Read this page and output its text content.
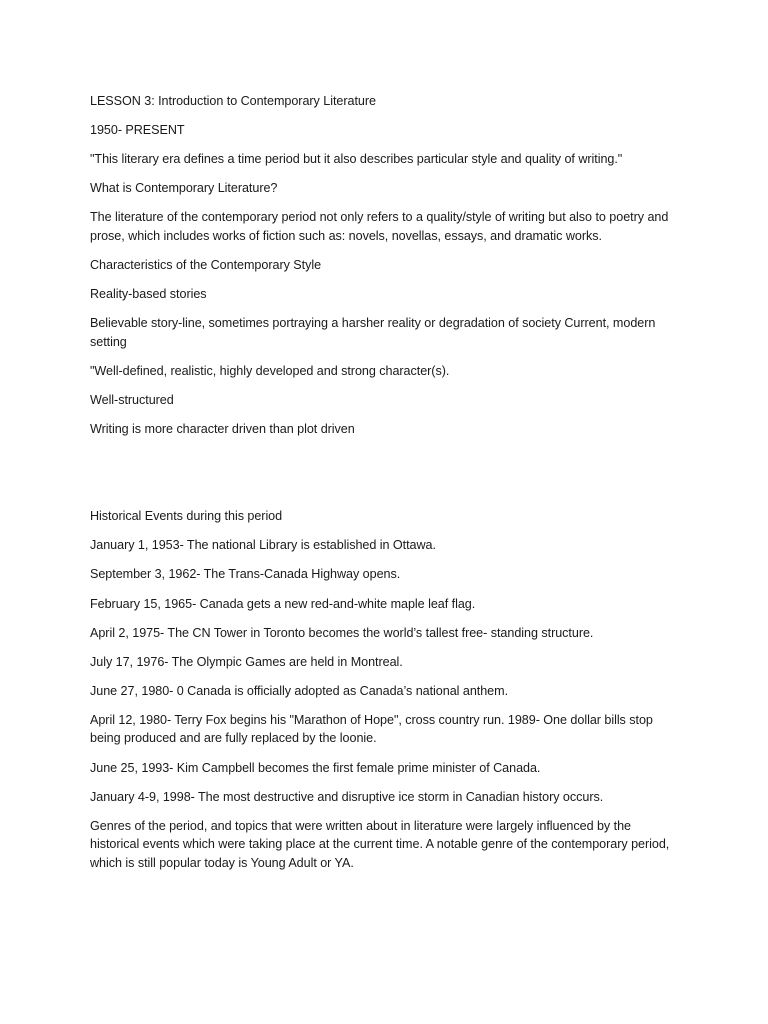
LESSON 3: Introduction to Contemporary Literature

1950- PRESENT

"This literary era defines a time period but it also describes particular style and quality of writing."

What is Contemporary Literature?

The literature of the contemporary period not only refers to a quality/style of writing but also to poetry and prose, which includes works of fiction such as: novels, novellas, essays, and dramatic works.

Characteristics of the Contemporary Style

Reality-based stories

Believable story-line, sometimes portraying a harsher reality or degradation of society Current, modern setting

"Well-defined, realistic, highly developed and strong character(s).

Well-structured

Writing is more character driven than plot driven

Historical Events during this period

January 1, 1953- The national Library is established in Ottawa.

September 3, 1962- The Trans-Canada Highway opens.

February 15, 1965- Canada gets a new red-and-white maple leaf flag.

April 2, 1975- The CN Tower in Toronto becomes the world’s tallest free- standing structure.

July 17, 1976- The Olympic Games are held in Montreal.

June 27, 1980- 0 Canada is officially adopted as Canada’s national anthem.

April 12, 1980- Terry Fox begins his "Marathon of Hope", cross country run. 1989- One dollar bills stop being produced and are fully replaced by the loonie.

June 25, 1993- Kim Campbell becomes the first female prime minister of Canada.

January 4-9, 1998- The most destructive and disruptive ice storm in Canadian history occurs.

Genres of the period, and topics that were written about in literature were largely influenced by the historical events which were taking place at the current time. A notable genre of the contemporary period, which is still popular today is Young Adult or YA.
